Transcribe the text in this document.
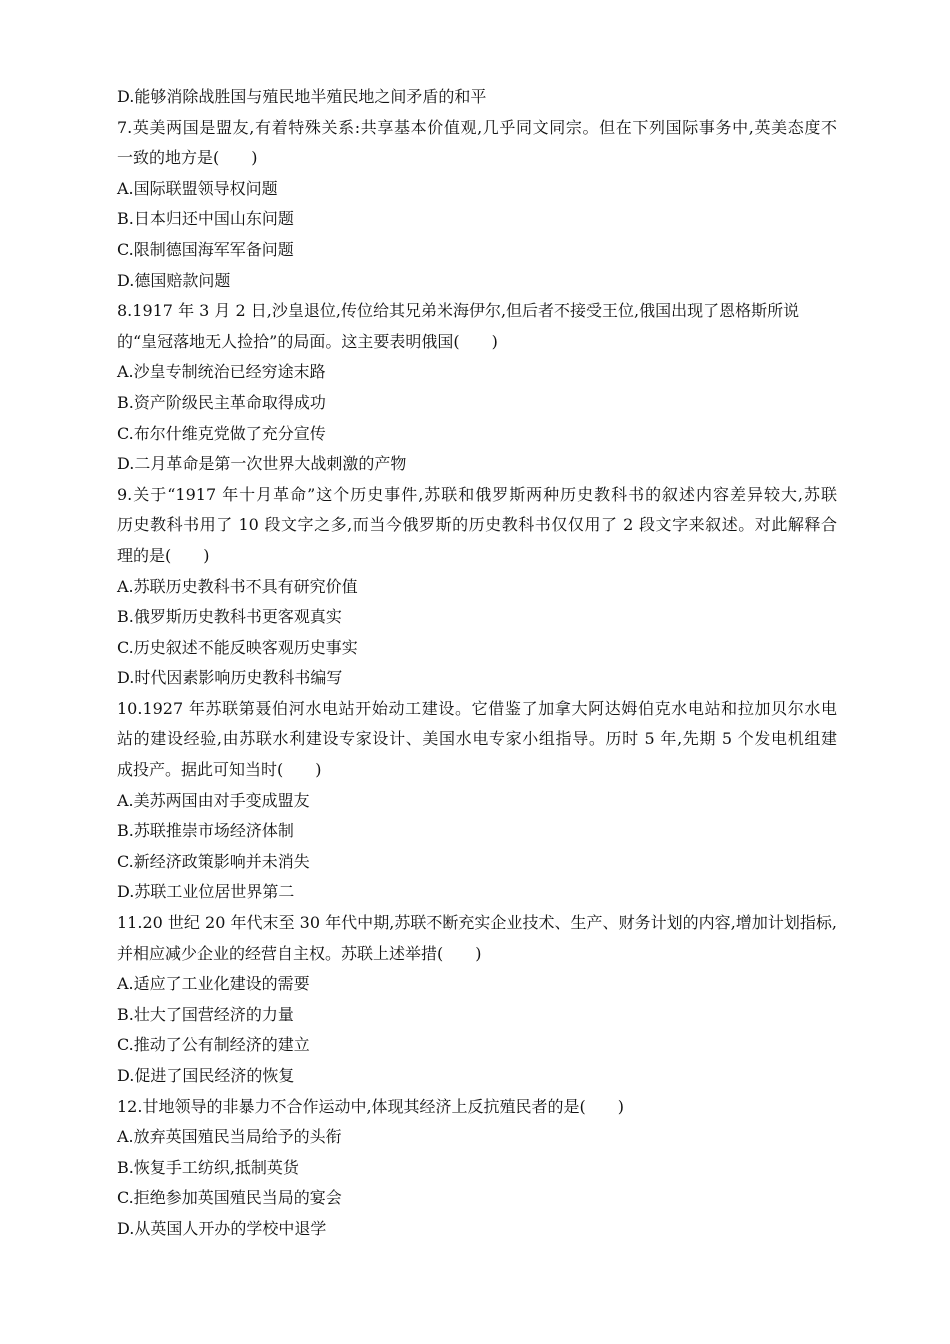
D.能够消除战胜国与殖民地半殖民地之间矛盾的和平
7.英美两国是盟友,有着特殊关系:共享基本价值观,几乎同文同宗。但在下列国际事务中,英美态度不
一致的地方是(　　)
A.国际联盟领导权问题
B.日本归还中国山东问题
C.限制德国海军军备问题
D.德国赔款问题
8.1917 年 3 月 2 日,沙皇退位,传位给其兄弟米海伊尔,但后者不接受王位,俄国出现了恩格斯所说
的“皇冠落地无人捡拾”的局面。这主要表明俄国(　　)
A.沙皇专制统治已经穷途末路
B.资产阶级民主革命取得成功
C.布尔什维克党做了充分宣传
D.二月革命是第一次世界大战刺激的产物
9.关于“1917 年十月革命”这个历史事件,苏联和俄罗斯两种历史教科书的叙述内容差异较大,苏联
历史教科书用了 10 段文字之多,而当今俄罗斯的历史教科书仅仅用了 2 段文字来叙述。对此解释合
理的是(　　)
A.苏联历史教科书不具有研究价值
B.俄罗斯历史教科书更客观真实
C.历史叙述不能反映客观历史事实
D.时代因素影响历史教科书编写
10.1927 年苏联第聂伯河水电站开始动工建设。它借鉴了加拿大阿达姆伯克水电站和拉加贝尔水电
站的建设经验,由苏联水利建设专家设计、美国水电专家小组指导。历时 5 年,先期 5 个发电机组建
成投产。据此可知当时(　　)
A.美苏两国由对手变成盟友
B.苏联推崇市场经济体制
C.新经济政策影响并未消失
D.苏联工业位居世界第二
11.20 世纪 20 年代末至 30 年代中期,苏联不断充实企业技术、生产、财务计划的内容,增加计划指标,
并相应减少企业的经营自主权。苏联上述举措(　　)
A.适应了工业化建设的需要
B.壮大了国营经济的力量
C.推动了公有制经济的建立
D.促进了国民经济的恢复
12.甘地领导的非暴力不合作运动中,体现其经济上反抗殖民者的是(　　)
A.放弃英国殖民当局给予的头衔
B.恢复手工纺织,抵制英货
C.拒绝参加英国殖民当局的宴会
D.从英国人开办的学校中退学
